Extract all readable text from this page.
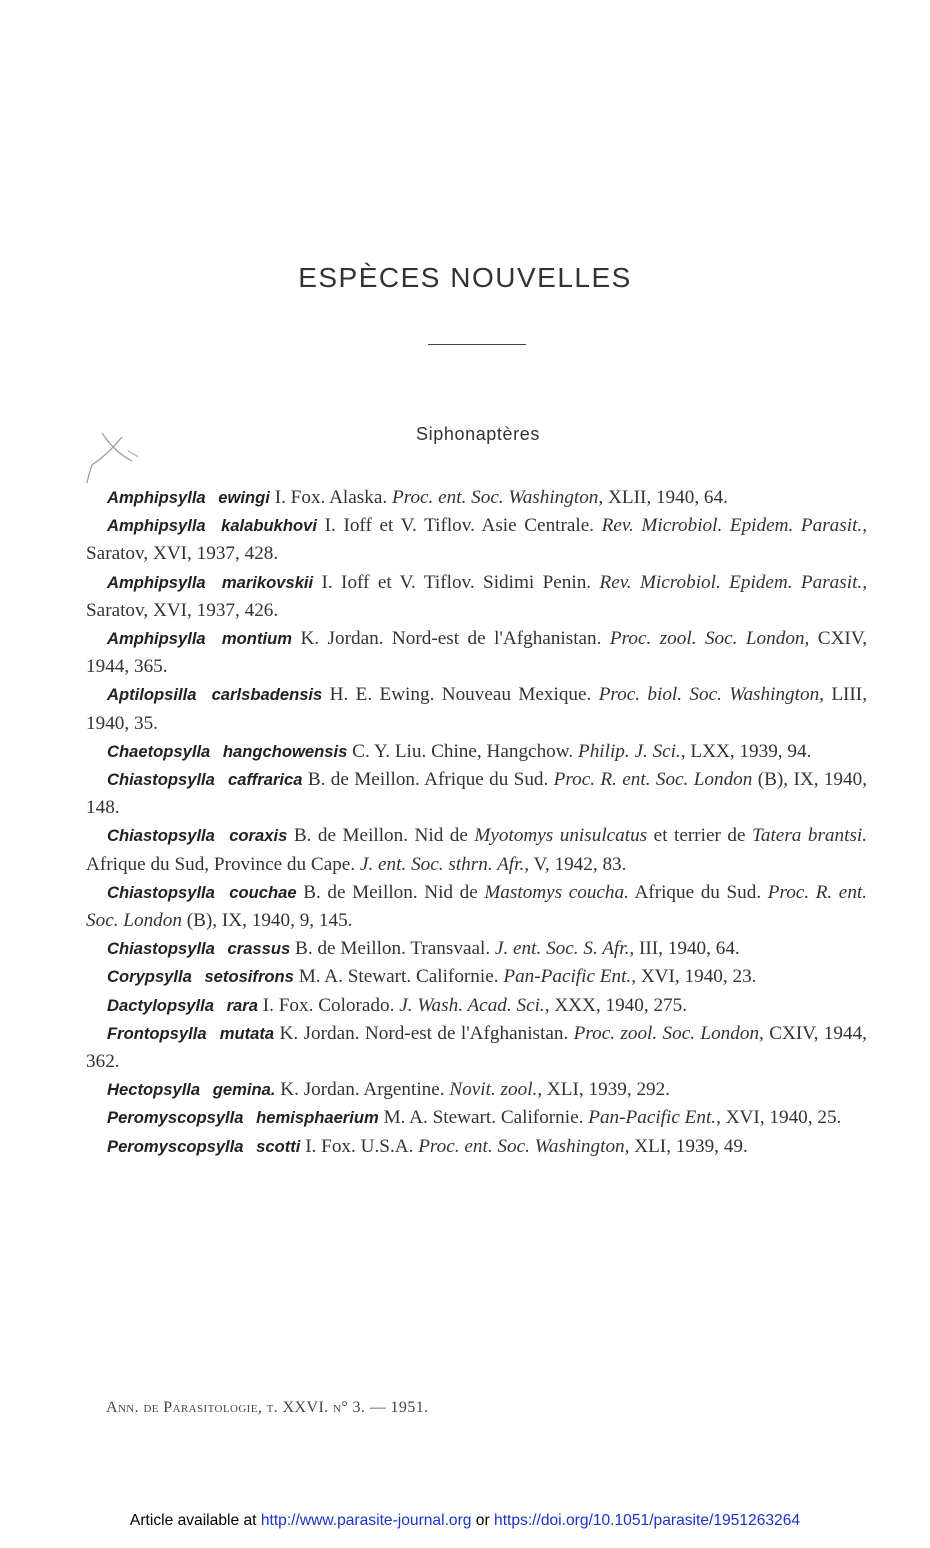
ESPÈCES NOUVELLES
Siphonaptères

Amphipsylla ewingi I. Fox. Alaska. Proc. ent. Soc. Washington, XLII, 1940, 64.

Amphipsylla kalabukhovi I. Ioff et V. Tiflov. Asie Centrale. Rev. Microbiol. Epidem. Parasit., Saratov, XVI, 1937, 428.

Amphipsylla marikovskii I. Ioff et V. Tiflov. Sidimi Penin. Rev. Microbiol. Epidem. Parasit., Saratov, XVI, 1937, 426.

Amphipsylla montium K. Jordan. Nord-est de l'Afghanistan. Proc. zool. Soc. London, CXIV, 1944, 365.

Aptilopsilla carlsbadensis H. E. Ewing. Nouveau Mexique. Proc. biol. Soc. Washington, LIII, 1940, 35.

Chaetopsylla hangchowensis C. Y. Liu. Chine, Hangchow. Philip. J. Sci., LXX, 1939, 94.

Chiastopsylla caffrarica B. de Meillon. Afrique du Sud. Proc. R. ent. Soc. London (B), IX, 1940, 148.

Chiastopsylla coraxis B. de Meillon. Nid de Myotomys unisulcatus et terrier de Tatera brantsi. Afrique du Sud, Province du Cape. J. ent. Soc. sthrn. Afr., V, 1942, 83.

Chiastopsylla couchae B. de Meillon. Nid de Mastomys coucha. Afrique du Sud. Proc. R. ent. Soc. London (B), IX, 1940, 9, 145.

Chiastopsylla crassus B. de Meillon. Transvaal. J. ent. Soc. S. Afr., III, 1940, 64.

Corypsylla setosifrons M. A. Stewart. Californie. Pan-Pacific Ent., XVI, 1940, 23.

Dactylopsylla rara I. Fox. Colorado. J. Wash. Acad. Sci., XXX, 1940, 275.

Frontopsylla mutata K. Jordan. Nord-est de l'Afghanistan. Proc. zool. Soc. London, CXIV, 1944, 362.

Hectopsylla gemina. K. Jordan. Argentine. Novit. zool., XLI, 1939, 292.

Peromyscopsylla hemisphaerium M. A. Stewart. Californie. Pan-Pacific Ent., XVI, 1940, 25.

Peromyscopsylla scotti I. Fox. U.S.A. Proc. ent. Soc. Washington, XLI, 1939, 49.

Ann. de Parasitologie, t. XXVI. n° 3. — 1951.
Article available at http://www.parasite-journal.org or https://doi.org/10.1051/parasite/1951263264
